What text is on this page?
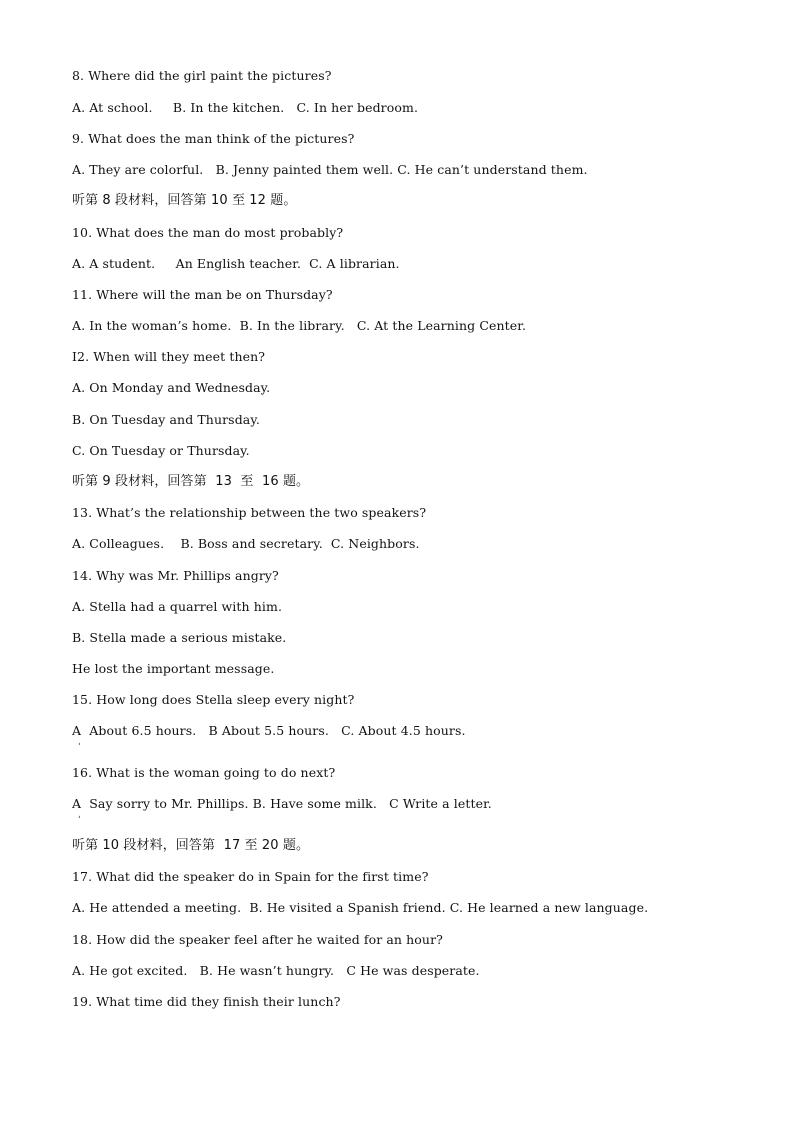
8. Where did the girl paint the pictures?
A. At school.     B. In the kitchen.   C. In her bedroom.
9. What does the man think of the pictures?
A. They are colorful.   B. Jenny painted them well. C. He can’t understand them.
听第 8 段材料，回答第 10 至 12 题。
10. What does the man do most probably?
A. A student.     An English teacher.  C. A librarian.
11. Where will the man be on Thursday?
A. In the woman’s home.  B. In the library.   C. At the Learning Center.
I2. When will they meet then?
A. On Monday and Wednesday.
B. On Tuesday and Thursday.
C. On Tuesday or Thursday.
听第 9 段材料，回答第  13  至  16 题。
13. What’s the relationship between the two speakers?
A. Colleagues.    B. Boss and secretary.  C. Neighbors.
14. Why was Mr. Phillips angry?
A. Stella had a quarrel with him.
B. Stella made a serious mistake.
He lost the important message.
15. How long does Stella sleep every night?
A  About 6.5 hours.   B About 5.5 hours.   C. About 4.5 hours.
ˈ
16. What is the woman going to do next?
A  Say sorry to Mr. Phillips. B. Have some milk.   C Write a letter.
ˈ
听第 10 段材料，回答第  17 至 20 题。
17. What did the speaker do in Spain for the first time?
A. He attended a meeting.  B. He visited a Spanish friend. C. He learned a new language.
18. How did the speaker feel after he waited for an hour?
A. He got excited.   B. He wasn’t hungry.   C He was desperate.
19. What time did they finish their lunch?
